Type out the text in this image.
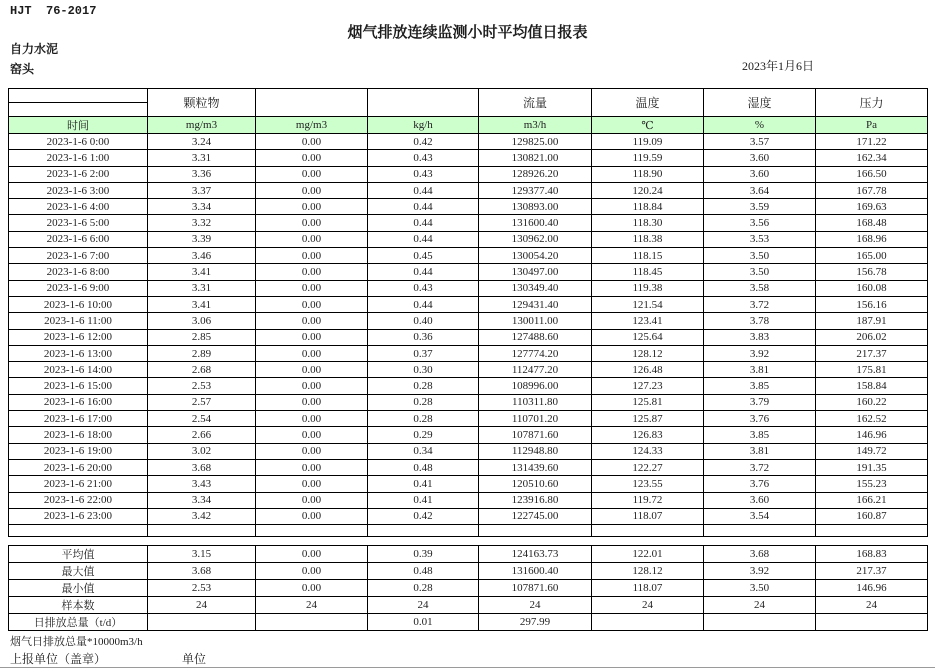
HJT  76-2017
烟气排放连续监测小时平均值日报表
自力水泥
窑头	2023年1月6日
	颗粒物			流量	温度	湿度	压力

时间	mg/m3	mg/m3	kg/h	m3/h	℃	%	Pa
2023-1-6 0:00	3.24	0.00	0.42	129825.00	119.09	3.57	171.22
2023-1-6 1:00	3.31	0.00	0.43	130821.00	119.59	3.60	162.34
2023-1-6 2:00	3.36	0.00	0.43	128926.20	118.90	3.60	166.50
2023-1-6 3:00	3.37	0.00	0.44	129377.40	120.24	3.64	167.78
2023-1-6 4:00	3.34	0.00	0.44	130893.00	118.84	3.59	169.63
2023-1-6 5:00	3.32	0.00	0.44	131600.40	118.30	3.56	168.48
2023-1-6 6:00	3.39	0.00	0.44	130962.00	118.38	3.53	168.96
2023-1-6 7:00	3.46	0.00	0.45	130054.20	118.15	3.50	165.00
2023-1-6 8:00	3.41	0.00	0.44	130497.00	118.45	3.50	156.78
2023-1-6 9:00	3.31	0.00	0.43	130349.40	119.38	3.58	160.08
2023-1-6 10:00	3.41	0.00	0.44	129431.40	121.54	3.72	156.16
2023-1-6 11:00	3.06	0.00	0.40	130011.00	123.41	3.78	187.91
2023-1-6 12:00	2.85	0.00	0.36	127488.60	125.64	3.83	206.02
2023-1-6 13:00	2.89	0.00	0.37	127774.20	128.12	3.92	217.37
2023-1-6 14:00	2.68	0.00	0.30	112477.20	126.48	3.81	175.81
2023-1-6 15:00	2.53	0.00	0.28	108996.00	127.23	3.85	158.84
2023-1-6 16:00	2.57	0.00	0.28	110311.80	125.81	3.79	160.22
2023-1-6 17:00	2.54	0.00	0.28	110701.20	125.87	3.76	162.52
2023-1-6 18:00	2.66	0.00	0.29	107871.60	126.83	3.85	146.96
2023-1-6 19:00	3.02	0.00	0.34	112948.80	124.33	3.81	149.72
2023-1-6 20:00	3.68	0.00	0.48	131439.60	122.27	3.72	191.35
2023-1-6 21:00	3.43	0.00	0.41	120510.60	123.55	3.76	155.23
2023-1-6 22:00	3.34	0.00	0.41	123916.80	119.72	3.60	166.21
2023-1-6 23:00	3.42	0.00	0.42	122745.00	118.07	3.54	160.87

平均值	3.15	0.00	0.39	124163.73	122.01	3.68	168.83
最大值	3.68	0.00	0.48	131600.40	128.12	3.92	217.37
最小值	2.53	0.00	0.28	107871.60	118.07	3.50	146.96
样本数	24	24	24	24	24	24	24
日排放总量（t/d）			0.01	297.99			
烟气日排放总量*10000m3/h
上报单位（盖章）	单位
